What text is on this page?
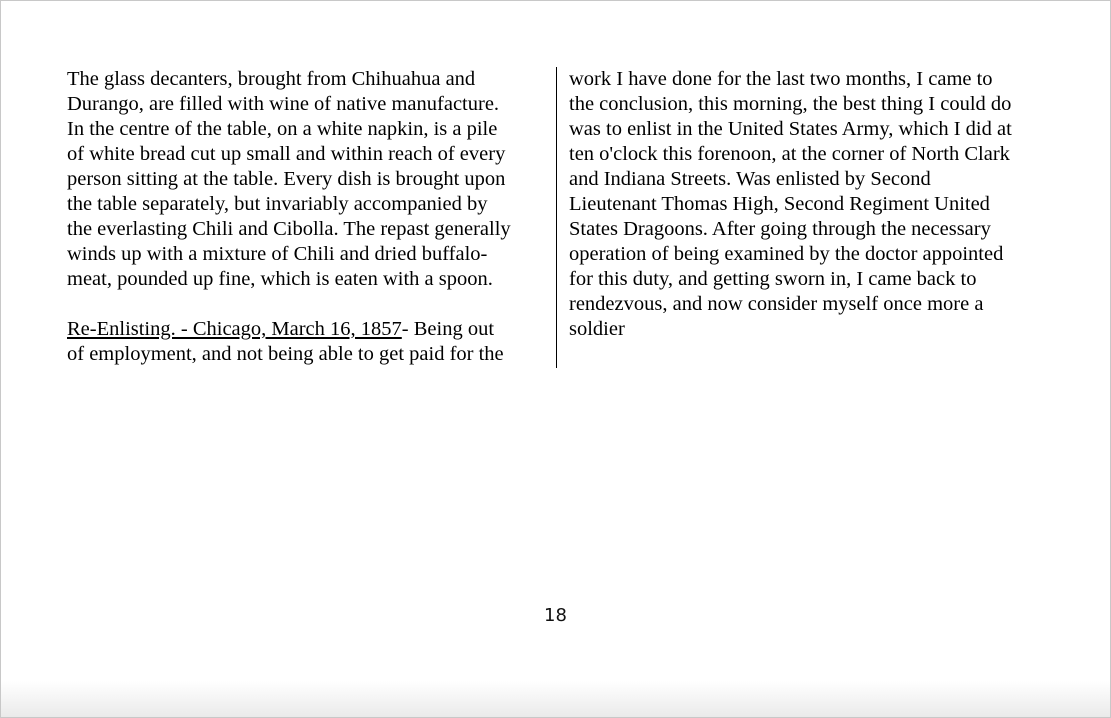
The glass decanters, brought from Chihuahua and
Durango, are filled with wine of native manufacture.
In the centre of the table, on a white napkin, is a pile
of white bread cut up small and within reach of every
person sitting at the table. Every dish is brought upon
the table separately, but invariably accompanied by
the everlasting Chili and Cibolla. The repast generally
winds up with a mixture of Chili and dried buffalo-
meat, pounded up fine, which is eaten with a spoon.
Re-Enlisting. - Chicago, March 16, 1857- Being out
of employment, and not being able to get paid for the
work I have done for the last two months, I came to
the conclusion, this morning, the best thing I could do
was to enlist in the United States Army, which I did at
ten o'clock this forenoon, at the corner of North Clark
and Indiana Streets. Was enlisted by Second
Lieutenant Thomas High, Second Regiment United
States Dragoons. After going through the necessary
operation of being examined by the doctor appointed
for this duty, and getting sworn in, I came back to
rendezvous, and now consider myself once more a
soldier
18
